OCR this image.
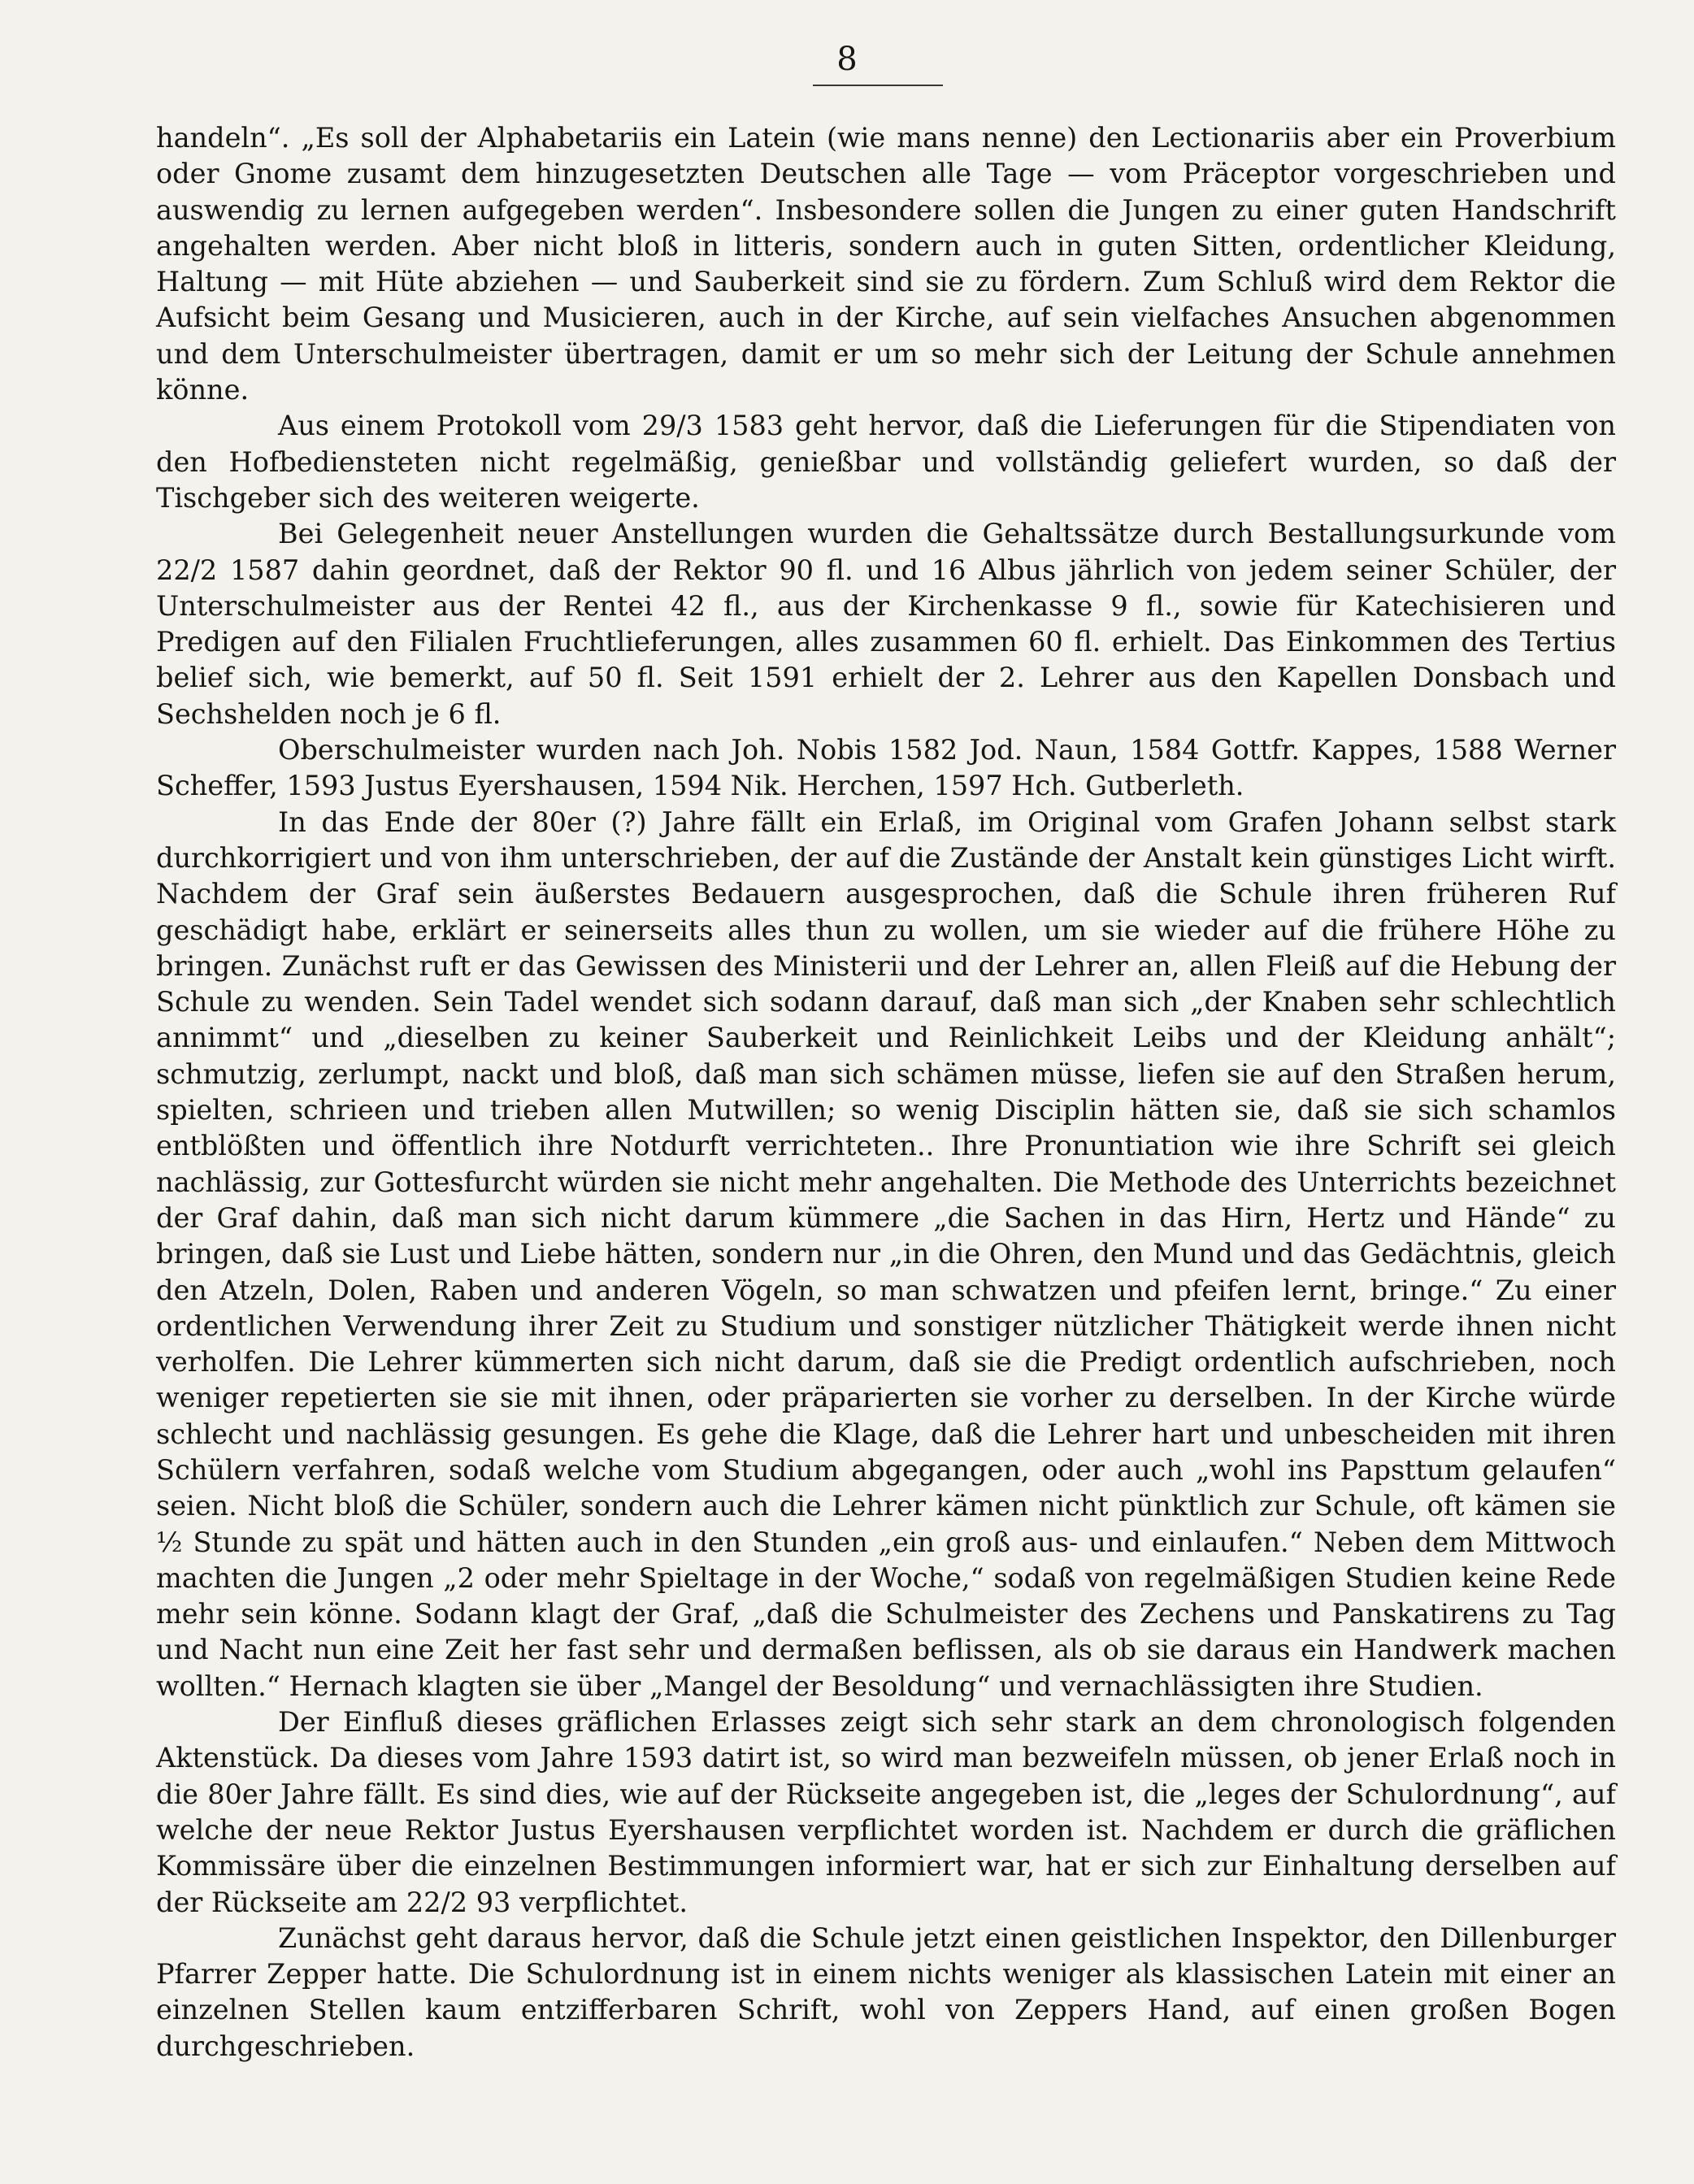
8

handeln“. „Es soll der Alphabetariis ein Latein (wie mans nenne) den Lectionariis aber ein Proverbium oder Gnome zusamt dem hinzugesetzten Deutschen alle Tage — vom Präceptor vorgeschrieben und auswendig zu lernen aufgegeben werden“. Insbesondere sollen die Jungen zu einer guten Handschrift angehalten werden. Aber nicht bloß in litteris, sondern auch in guten Sitten, ordentlicher Kleidung, Haltung — mit Hüte abziehen — und Sauberkeit sind sie zu fördern. Zum Schluß wird dem Rektor die Aufsicht beim Gesang und Musicieren, auch in der Kirche, auf sein vielfaches Ansuchen abgenommen und dem Unterschulmeister übertragen, damit er um so mehr sich der Leitung der Schule annehmen könne.

Aus einem Protokoll vom 29/3 1583 geht hervor, daß die Lieferungen für die Stipendiaten von den Hofbediensteten nicht regelmäßig, genießbar und vollständig geliefert wurden, so daß der Tischgeber sich des weiteren weigerte.

Bei Gelegenheit neuer Anstellungen wurden die Gehaltssätze durch Bestallungsurkunde vom 22/2 1587 dahin geordnet, daß der Rektor 90 fl. und 16 Albus jährlich von jedem seiner Schüler, der Unterschulmeister aus der Rentei 42 fl., aus der Kirchenkasse 9 fl., sowie für Katechisieren und Predigen auf den Filialen Fruchtlieferungen, alles zusammen 60 fl. erhielt. Das Einkommen des Tertius belief sich, wie bemerkt, auf 50 fl. Seit 1591 erhielt der 2. Lehrer aus den Kapellen Donsbach und Sechshelden noch je 6 fl.

Oberschulmeister wurden nach Joh. Nobis 1582 Jod. Naun, 1584 Gottfr. Kappes, 1588 Werner Scheffer, 1593 Justus Eyershausen, 1594 Nik. Herchen, 1597 Hch. Gutberleth.

In das Ende der 80er (?) Jahre fällt ein Erlaß, im Original vom Grafen Johann selbst stark durchkorrigiert und von ihm unterschrieben, der auf die Zustände der Anstalt kein günstiges Licht wirft. Nachdem der Graf sein äußerstes Bedauern ausgesprochen, daß die Schule ihren früheren Ruf geschädigt habe, erklärt er seinerseits alles thun zu wollen, um sie wieder auf die frühere Höhe zu bringen. Zunächst ruft er das Gewissen des Ministerii und der Lehrer an, allen Fleiß auf die Hebung der Schule zu wenden. Sein Tadel wendet sich sodann darauf, daß man sich „der Knaben sehr schlechtlich annimmt“ und „dieselben zu keiner Sauberkeit und Reinlichkeit Leibs und der Kleidung anhält“; schmutzig, zerlumpt, nackt und bloß, daß man sich schämen müsse, liefen sie auf den Straßen herum, spielten, schrieen und trieben allen Mutwillen; so wenig Disciplin hätten sie, daß sie sich schamlos entblößten und öffentlich ihre Notdurft verrichteten.. Ihre Pronuntiation wie ihre Schrift sei gleich nachlässig, zur Gottesfurcht würden sie nicht mehr angehalten. Die Methode des Unterrichts bezeichnet der Graf dahin, daß man sich nicht darum kümmere „die Sachen in das Hirn, Hertz und Hände“ zu bringen, daß sie Lust und Liebe hätten, sondern nur „in die Ohren, den Mund und das Gedächtnis, gleich den Atzeln, Dolen, Raben und anderen Vögeln, so man schwatzen und pfeifen lernt, bringe.“ Zu einer ordentlichen Verwendung ihrer Zeit zu Studium und sonstiger nützlicher Thätigkeit werde ihnen nicht verholfen. Die Lehrer kümmerten sich nicht darum, daß sie die Predigt ordentlich aufschrieben, noch weniger repetierten sie sie mit ihnen, oder präparierten sie vorher zu derselben. In der Kirche würde schlecht und nachlässig gesungen. Es gehe die Klage, daß die Lehrer hart und unbescheiden mit ihren Schülern verfahren, sodaß welche vom Studium abgegangen, oder auch „wohl ins Papsttum gelaufen“ seien. Nicht bloß die Schüler, sondern auch die Lehrer kämen nicht pünktlich zur Schule, oft kämen sie ½ Stunde zu spät und hätten auch in den Stunden „ein groß aus- und einlaufen.“ Neben dem Mittwoch machten die Jungen „2 oder mehr Spieltage in der Woche,“ sodaß von regelmäßigen Studien keine Rede mehr sein könne. Sodann klagt der Graf, „daß die Schulmeister des Zechens und Panskatirens zu Tag und Nacht nun eine Zeit her fast sehr und dermaßen beflissen, als ob sie daraus ein Handwerk machen wollten.“ Hernach klagten sie über „Mangel der Besoldung“ und vernachlässigten ihre Studien.

Der Einfluß dieses gräflichen Erlasses zeigt sich sehr stark an dem chronologisch folgenden Aktenstück. Da dieses vom Jahre 1593 datirt ist, so wird man bezweifeln müssen, ob jener Erlaß noch in die 80er Jahre fällt. Es sind dies, wie auf der Rückseite angegeben ist, die „leges der Schulordnung“, auf welche der neue Rektor Justus Eyershausen verpflichtet worden ist. Nachdem er durch die gräflichen Kommissäre über die einzelnen Bestimmungen informiert war, hat er sich zur Einhaltung derselben auf der Rückseite am 22/2 93 verpflichtet.

Zunächst geht daraus hervor, daß die Schule jetzt einen geistlichen Inspektor, den Dillenburger Pfarrer Zepper hatte. Die Schulordnung ist in einem nichts weniger als klassischen Latein mit einer an einzelnen Stellen kaum entzifferbaren Schrift, wohl von Zeppers Hand, auf einen großen Bogen durchgeschrieben.
